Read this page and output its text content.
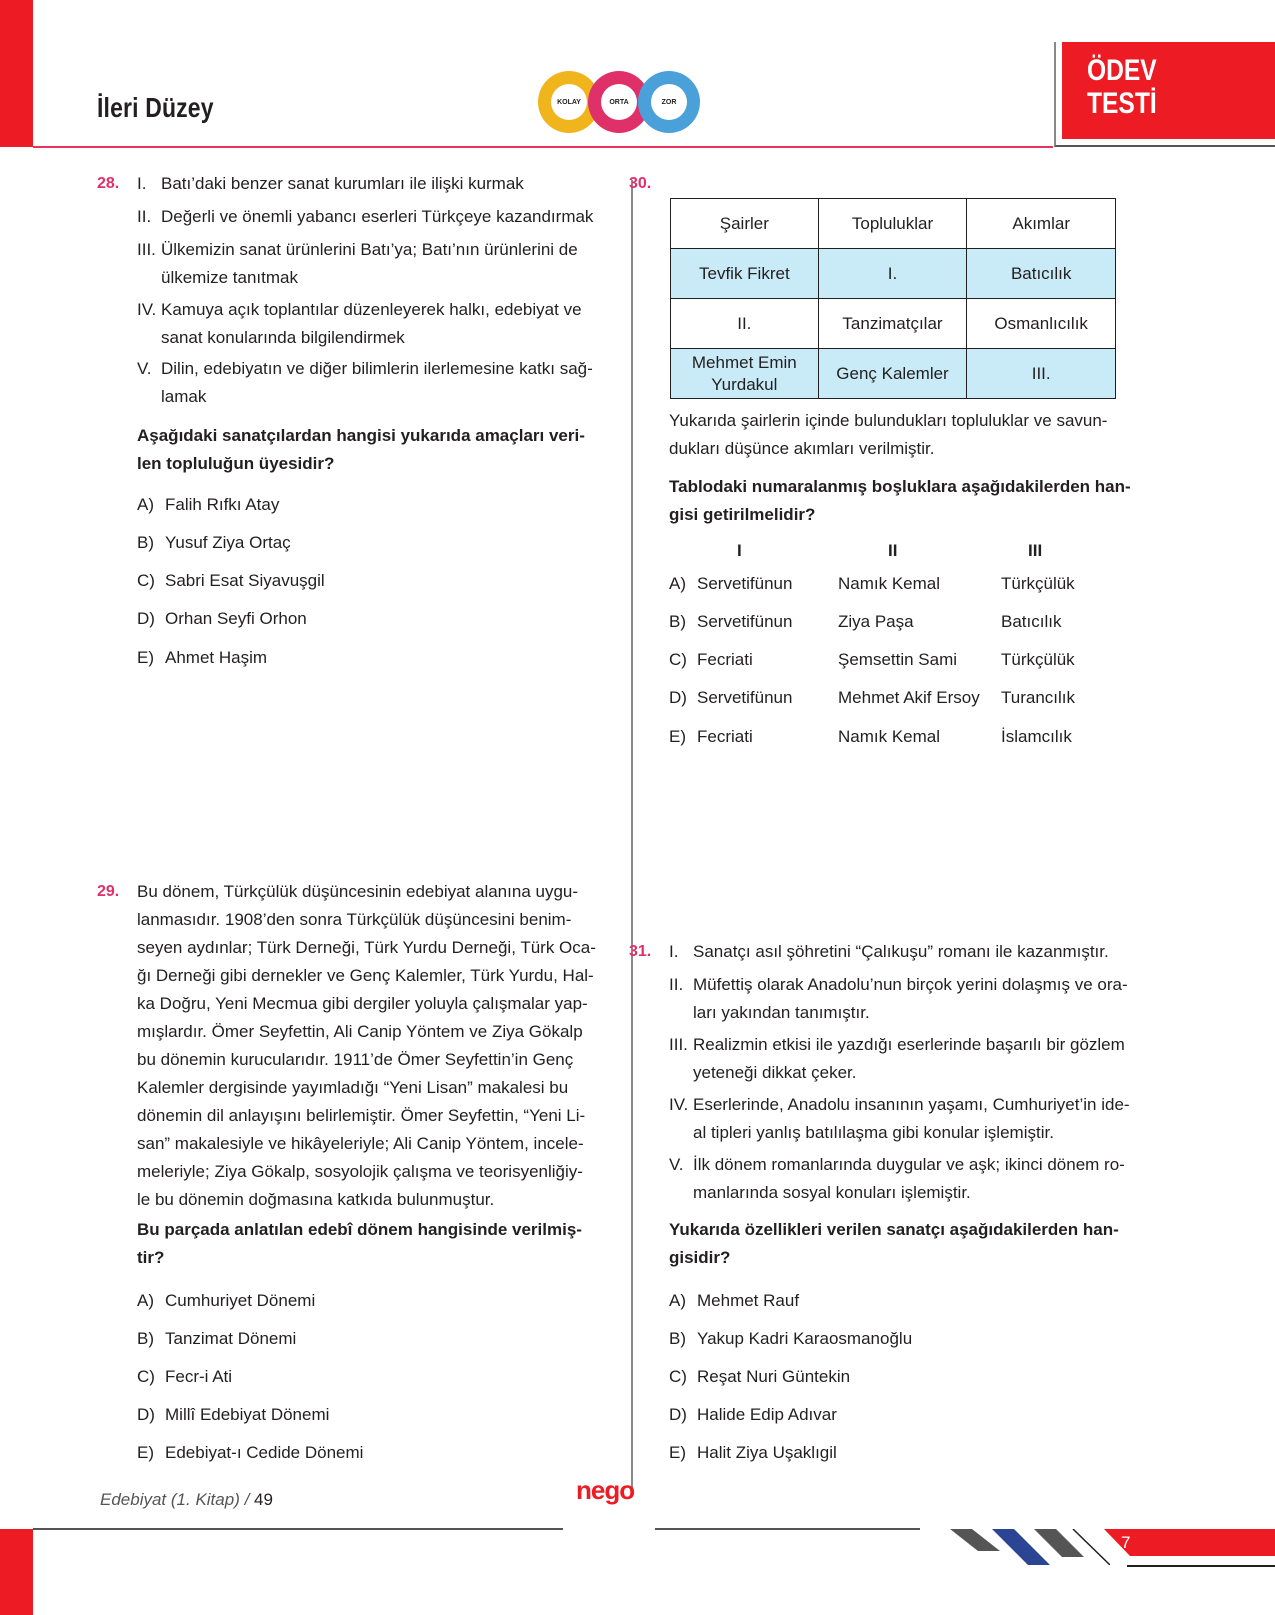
İleri Düzey	KOLAY	ORTA	ZOR
ÖDEV
TESTİ
28. I. Batı’daki benzer sanat kurumları ile ilişki kurmak
II. Değerli ve önemli yabancı eserleri Türkçeye kazandırmak
III. Ülkemizin sanat ürünlerini Batı’ya; Batı’nın ürünlerini de
ülkemize tanıtmak
IV. Kamuya açık toplantılar düzenleyerek halkı, edebiyat ve
sanat konularında bilgilendirmek
V. Dilin, edebiyatın ve diğer bilimlerin ilerlemesine katkı sağ-
lamak
Aşağıdaki sanatçılardan hangisi yukarıda amaçları veri-
len topluluğun üyesidir?
A) Falih Rıfkı Atay
B) Yusuf Ziya Ortaç
C) Sabri Esat Siyavuşgil
D) Orhan Seyfi Orhon
E) Ahmet Haşim
29. Bu dönem, Türkçülük düşüncesinin edebiyat alanına uygu-
lanmasıdır. 1908’den sonra Türkçülük düşüncesini benim-
seyen aydınlar; Türk Derneği, Türk Yurdu Derneği, Türk Oca-
ğı Derneği gibi dernekler ve Genç Kalemler, Türk Yurdu, Hal-
ka Doğru, Yeni Mecmua gibi dergiler yoluyla çalışmalar yap-
mışlardır. Ömer Seyfettin, Ali Canip Yöntem ve Ziya Gökalp
bu dönemin kurucularıdır. 1911’de Ömer Seyfettin’in Genç
Kalemler dergisinde yayımladığı “Yeni Lisan” makalesi bu
dönemin dil anlayışını belirlemiştir. Ömer Seyfettin, “Yeni Li-
san” makalesiyle ve hikâyeleriyle; Ali Canip Yöntem, incele-
meleriyle; Ziya Gökalp, sosyolojik çalışma ve teorisyenliğiy-
le bu dönemin doğmasına katkıda bulunmuştur.
Bu parçada anlatılan edebî dönem hangisinde verilmiş-
tir?
A) Cumhuriyet Dönemi
B) Tanzimat Dönemi
C) Fecr-i Ati
D) Millî Edebiyat Dönemi
E) Edebiyat-ı Cedide Dönemi
30.
Şairler	Topluluklar	Akımlar
Tevfik Fikret	I.	Batıcılık
II.	Tanzimatçılar	Osmanlıcılık
Mehmet Emin Yurdakul	Genç Kalemler	III.
Yukarıda şairlerin içinde bulundukları topluluklar ve savun-
dukları düşünce akımları verilmiştir.
Tablodaki numaralanmış boşluklara aşağıdakilerden han-
gisi getirilmelidir?
I	II	III
A) Servetifünun	Namık Kemal	Türkçülük
B) Servetifünun	Ziya Paşa	Batıcılık
C) Fecriati	Şemsettin Sami	Türkçülük
D) Servetifünun	Mehmet Akif Ersoy Turancılık
E) Fecriati	Namık Kemal	İslamcılık
31. I. Sanatçı asıl şöhretini “Çalıkuşu” romanı ile kazanmıştır.
II. Müfettiş olarak Anadolu’nun birçok yerini dolaşmış ve ora-
ları yakından tanımıştır.
III. Realizmin etkisi ile yazdığı eserlerinde başarılı bir gözlem
yeteneği dikkat çeker.
IV. Eserlerinde, Anadolu insanının yaşamı, Cumhuriyet’in ide-
al tipleri yanlış batılılaşma gibi konular işlemiştir.
V. İlk dönem romanlarında duygular ve aşk; ikinci dönem ro-
manlarında sosyal konuları işlemiştir.
Yukarıda özellikleri verilen sanatçı aşağıdakilerden han-
gisidir?
A) Mehmet Rauf
B) Yakup Kadri Karaosmanoğlu
C) Reşat Nuri Güntekin
D) Halide Edip Adıvar
E) Halit Ziya Uşaklıgil
Edebiyat (1. Kitap) / 49	nego
7
